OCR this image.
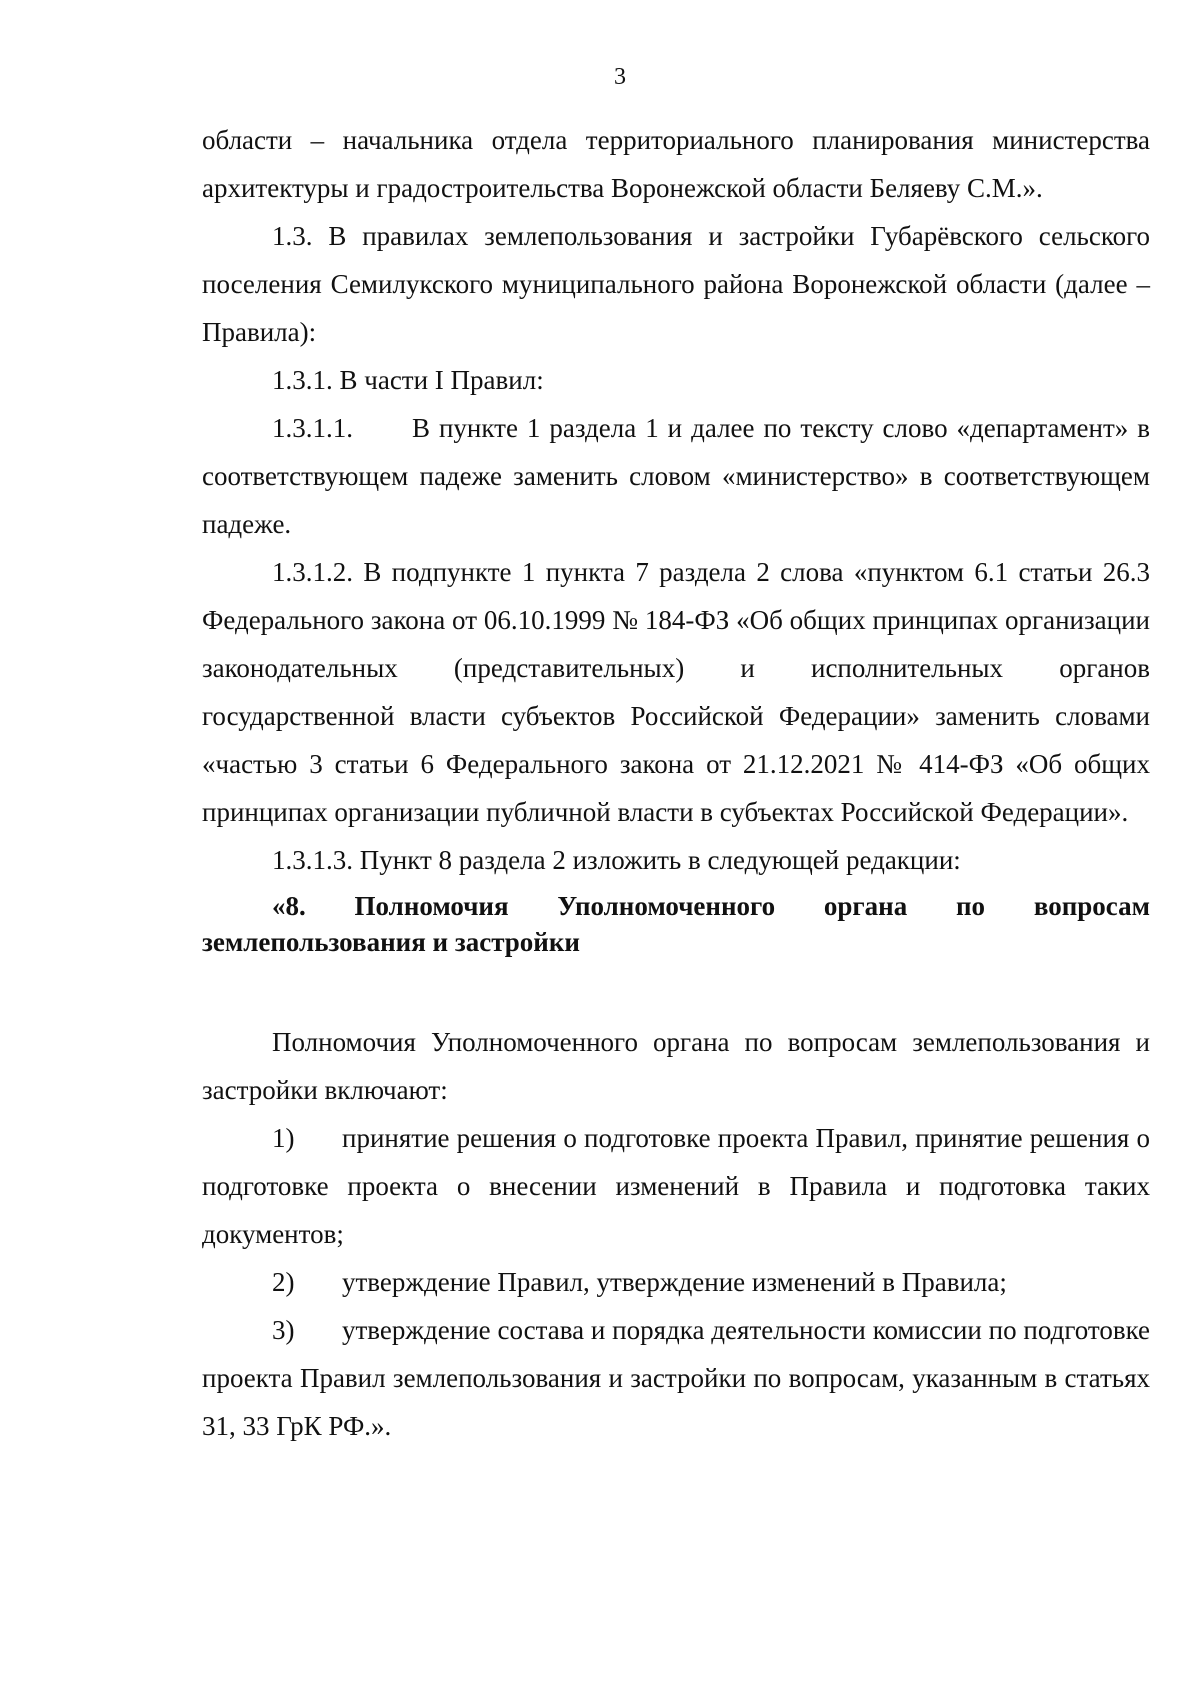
3

области – начальника отдела территориального планирования министерства архитектуры и градостроительства Воронежской области Беляеву С.М.».

1.3. В правилах землепользования и застройки Губарёвского сельского поселения Семилукского муниципального района Воронежской области (далее – Правила):

1.3.1. В части I Правил:

1.3.1.1. В пункте 1 раздела 1 и далее по тексту слово «департамент» в соответствующем падеже заменить словом «министерство» в соответствующем падеже.

1.3.1.2. В подпункте 1 пункта 7 раздела 2 слова «пунктом 6.1 статьи 26.3 Федерального закона от 06.10.1999 № 184-ФЗ «Об общих принципах организации законодательных (представительных) и исполнительных органов государственной власти субъектов Российской Федерации» заменить словами «частью 3 статьи 6 Федерального закона от 21.12.2021 № 414-ФЗ «Об общих принципах организации публичной власти в субъектах Российской Федерации».

1.3.1.3. Пункт 8 раздела 2 изложить в следующей редакции:

«8. Полномочия Уполномоченного органа по вопросам землепользования и застройки

Полномочия Уполномоченного органа по вопросам землепользования и застройки включают:

1) принятие решения о подготовке проекта Правил, принятие решения о подготовке проекта о внесении изменений в Правила и подготовка таких документов;

2) утверждение Правил, утверждение изменений в Правила;

3) утверждение состава и порядка деятельности комиссии по подготовке проекта Правил землепользования и застройки по вопросам, указанным в статьях 31, 33 ГрК РФ.».
